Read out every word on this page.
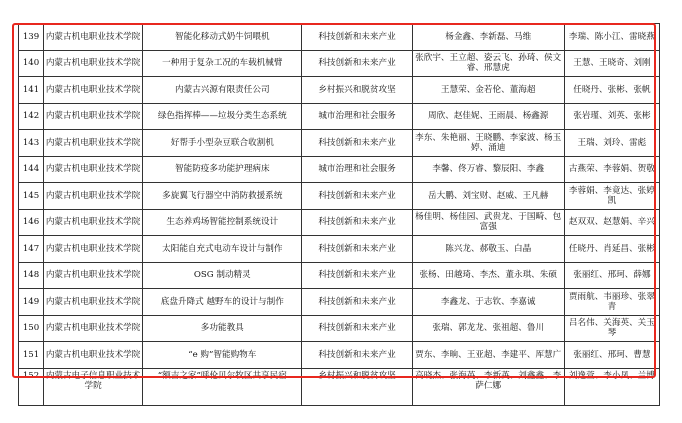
139	内蒙古机电职业技术学院	智能化移动式奶牛饲喂机	科技创新和未来产业	杨金鑫、李新磊、马维	李瑞、陈小江、雷晓燕
140	内蒙古机电职业技术学院	一种用于复杂工况的车载机械臂	科技创新和未来产业	张欣宇、王立超、姿云飞、孙琦、侯文睿、邢慧虎	王慧、王晓奇、刘刚
141	内蒙古机电职业技术学院	内蒙古兴源有限责任公司	乡村振兴和脱贫攻坚	王慧荣、金若伦、董海超	任晓丹、张彬、张帆
142	内蒙古机电职业技术学院	绿色指挥棒——垃圾分类生态系统	城市治理和社会服务	周欣、赵佳妮、王雨晨、杨鑫源	张岩瑾、刘英、张彬
143	内蒙古机电职业技术学院	好帮手小型杂豆联合收割机	科技创新和未来产业	李东、朱艳丽、王晓鹏、李家波、杨玉婷、涌迪	王瑞、刘玲、雷彪
144	内蒙古机电职业技术学院	智能防疫多功能护理病床	城市治理和社会服务	李馨、佟万睿、黎辰阳、李鑫	古燕荣、李蓉娟、贺敬
145	内蒙古机电职业技术学院	多旋翼飞行器空中消防救援系统	科技创新和未来产业	岳大鹏、刘宝财、赵威、王凡赫	李蓉娟、李竟达、张婷凯
146	内蒙古机电职业技术学院	生态养鸡场智能控制系统设计	科技创新和未来产业	杨佳明、杨佳园、武贵龙、于国畸、包富强	赵双双、赵慧娟、辛兴
147	内蒙古机电职业技术学院	太阳能自充式电动车设计与制作	科技创新和未来产业	陈兴龙、郝敬玉、白晶	任晓丹、肖延昌、张彬
148	内蒙古机电职业技术学院	OSG 制动精灵	科技创新和未来产业	张杨、田越琦、李杰、董永琪、朱硕	张丽红、邢珂、薛娜
149	内蒙古机电职业技术学院	底盘升降式 越野车的设计与制作	科技创新和未来产业	李鑫龙、于志钦、李嘉诚	贾雨航、韦丽珍、张翠青
150	内蒙古机电职业技术学院	多功能教具	科技创新和未来产业	张瑞、郭龙龙、张祖超、鲁川	吕名伟、关海英、关玉琴
151	内蒙古机电职业技术学院	“e 购”智能购物车	科技创新和未来产业	贾东、李晌、王亚超、李建平、厍慧广	张丽红、邢珂、曹慧
152	内蒙古电子信息职业技术学院	“额吉之家”呼伦贝尔牧区共享民宿	乡村振兴和脱贫攻坚	高晓杰、张海英、李新英、刘鑫鑫、李萨仁娜	刘逸萱、李小凤、兰博
